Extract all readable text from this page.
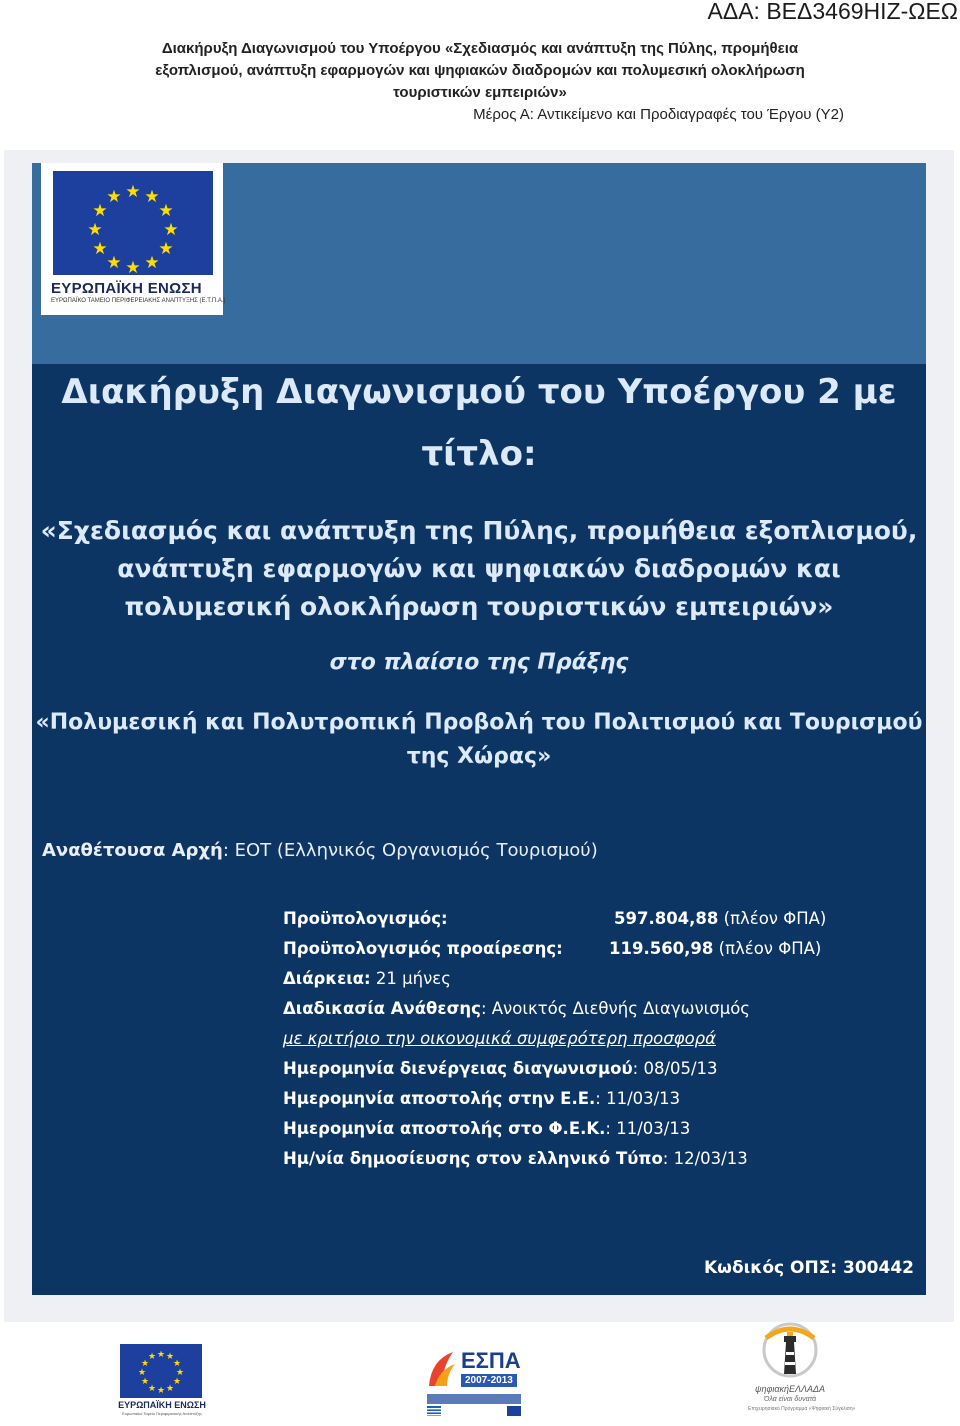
ΑΔΑ: ΒΕΔ3469ΗΙΖ-ΩΕΩ
Διακήρυξη Διαγωνισμού του Υποέργου «Σχεδιασμός και ανάπτυξη της Πύλης, προμήθεια
εξοπλισμού, ανάπτυξη εφαρμογών και ψηφιακών διαδρομών και πολυμεσική ολοκλήρωση
τουριστικών εμπειριών»
Μέρος Α: Αντικείμενο και Προδιαγραφές του Έργου (Υ2)
★ ★
★
★
★
★
★
★
★
★
★
★
ΕΥΡΩΠΑΪΚΗ ΕΝΩΣΗ
ΕΥΡΩΠΑΪΚΟ ΤΑΜΕΙΟ ΠΕΡΙΦΕΡΕΙΑΚΗΣ ΑΝΑΠΤΥΞΗΣ (Ε.Τ.Π.Α.)
Διακήρυξη Διαγωνισμού του Υποέργου 2 με
τίτλο:
«Σχεδιασμός και ανάπτυξη της Πύλης, προμήθεια εξοπλισμού,
ανάπτυξη εφαρμογών και ψηφιακών διαδρομών και
πολυμεσική ολοκλήρωση τουριστικών εμπειριών»
στο πλαίσιο της Πράξης
«Πολυμεσική και Πολυτροπική Προβολή του Πολιτισμού και Τουρισμού
της Χώρας»
Αναθέτουσα Αρχή: ΕΟΤ (Ελληνικός Οργανισμός Τουρισμού)
Προϋπολογισμός:	597.804,88 (πλέον ΦΠΑ)
Προϋπολογισμός προαίρεσης:	119.560,98 (πλέον ΦΠΑ)
Διάρκεια: 21 μήνες
Διαδικασία Ανάθεσης: Ανοικτός Διεθνής Διαγωνισμός
με κριτήριο την οικονομικά συμφερότερη προσφορά
Ημερομηνία διενέργειας διαγωνισμού: 08/05/13
Ημερομηνία αποστολής στην Ε.Ε.: 11/03/13
Ημερομηνία αποστολής στο Φ.Ε.Κ.: 11/03/13
Ημ/νία δημοσίευσης στον ελληνικό Τύπο: 12/03/13
Κωδικός ΟΠΣ: 300442
★ ★
★
★
★
★
★
★
★
★
★
★
ΕΥΡΩΠΑΪΚΗ ΕΝΩΣΗ
Ευρωπαϊκό Ταμείο Περιφερειακής Ανάπτυξης
ΕΣΠΑ
2007-2013
ψηφιακήΕΛΛΑΔΑ
Όλα είναι δυνατά
Επιχειρησιακό Πρόγραμμα «Ψηφιακή Σύγκλιση»
